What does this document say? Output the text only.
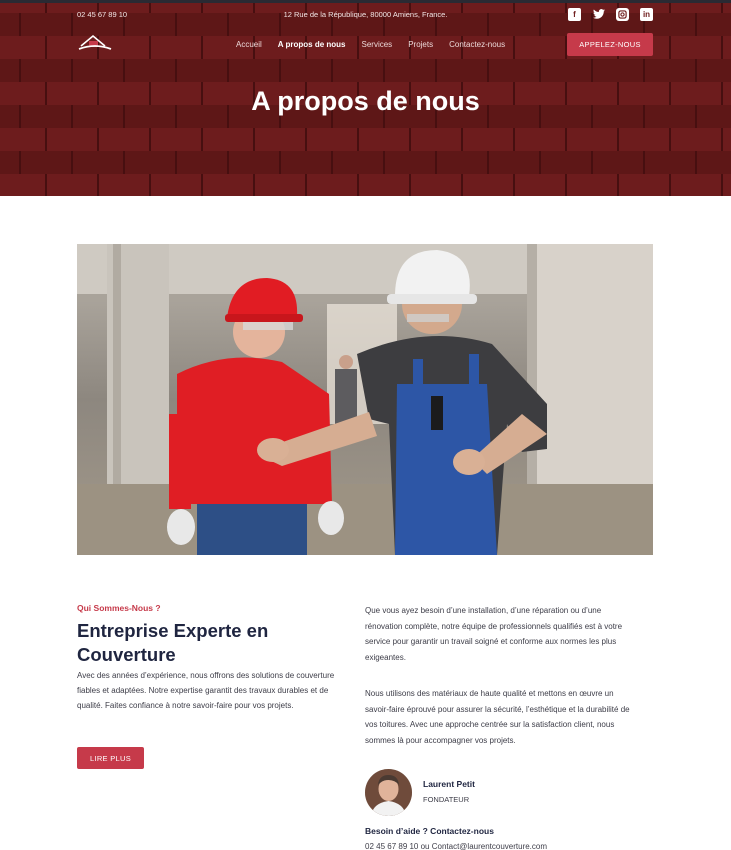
02 45 67 89 10	12 Rue de la République, 80000 Amiens, France.	f	in
Accueil A propos de nous Services Projets Contactez-nous	APPELEZ-NOUS
A propos de nous
Qui Sommes-Nous ?
Entreprise Experte en Couverture

Avec des années d’expérience, nous offrons des solutions de couverture fiables et adaptées. Notre expertise garantit des travaux durables et de qualité. Faites confiance à notre savoir-faire pour vos projets.

LIRE PLUS

Que vous ayez besoin d’une installation, d’une réparation ou d’une rénovation complète, notre équipe de professionnels qualifiés est à votre service pour garantir un travail soigné et conforme aux normes les plus exigeantes.

Nous utilisons des matériaux de haute qualité et mettons en œuvre un savoir-faire éprouvé pour assurer la sécurité, l’esthétique et la durabilité de vos toitures. Avec une approche centrée sur la satisfaction client, nous sommes là pour accompagner vos projets.

Laurent Petit
FONDATEUR
Besoin d’aide ? Contactez-nous
02 45 67 89 10 ou Contact@laurentcouverture.com
